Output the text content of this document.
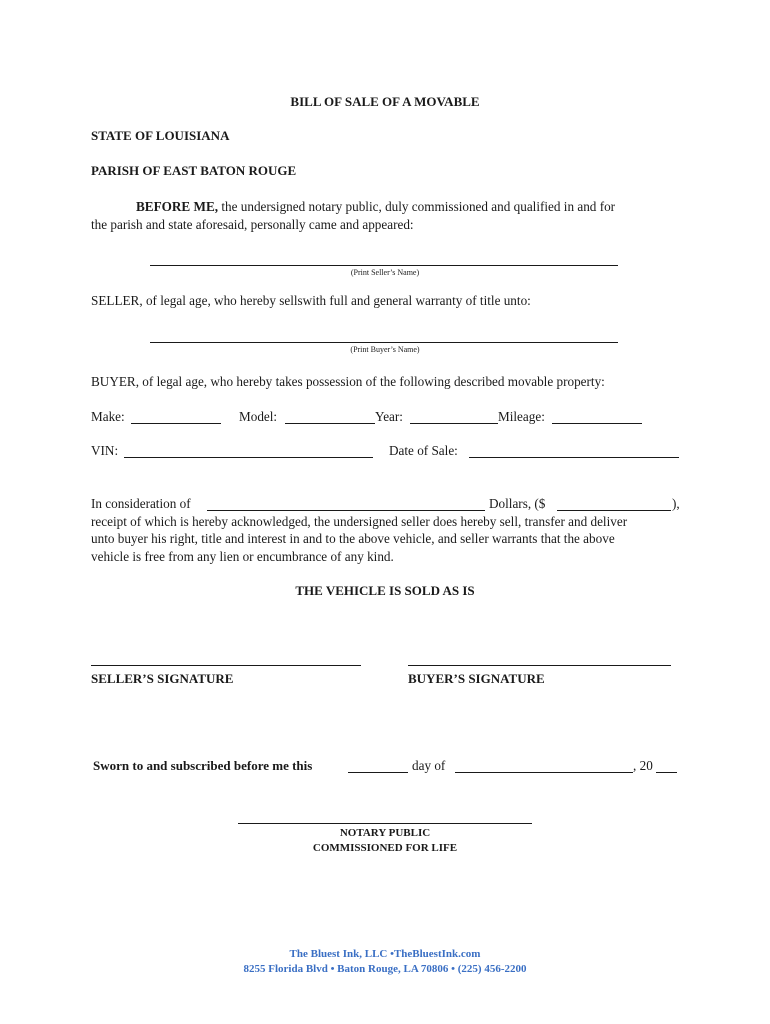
BILL OF SALE OF A MOVABLE
STATE OF LOUISIANA
PARISH OF EAST BATON ROUGE
BEFORE ME, the undersigned notary public, duly commissioned and qualified in and for
the parish and state aforesaid, personally came and appeared:
(Print Seller’s Name)
SELLER, of legal age, who hereby sellswith full and general warranty of title unto:
(Print Buyer’s Name)
BUYER, of legal age, who hereby takes possession of the following described movable property:
Make:	Model:	Year:	Mileage:
VIN:	Date of Sale:
In consideration of	Dollars, ($	),
receipt of which is hereby acknowledged, the undersigned seller does hereby sell, transfer and deliver
unto buyer his right, title and interest in and to the above vehicle, and seller warrants that the above
vehicle is free from any lien or encumbrance of any kind.
THE VEHICLE IS SOLD AS IS
SELLER’S SIGNATURE	BUYER’S SIGNATURE
Sworn to and subscribed before me this	day of	, 20
NOTARY PUBLIC
COMMISSIONED FOR LIFE
The Bluest Ink, LLC •TheBluestInk.com
8255 Florida Blvd • Baton Rouge, LA 70806 • (225) 456-2200
